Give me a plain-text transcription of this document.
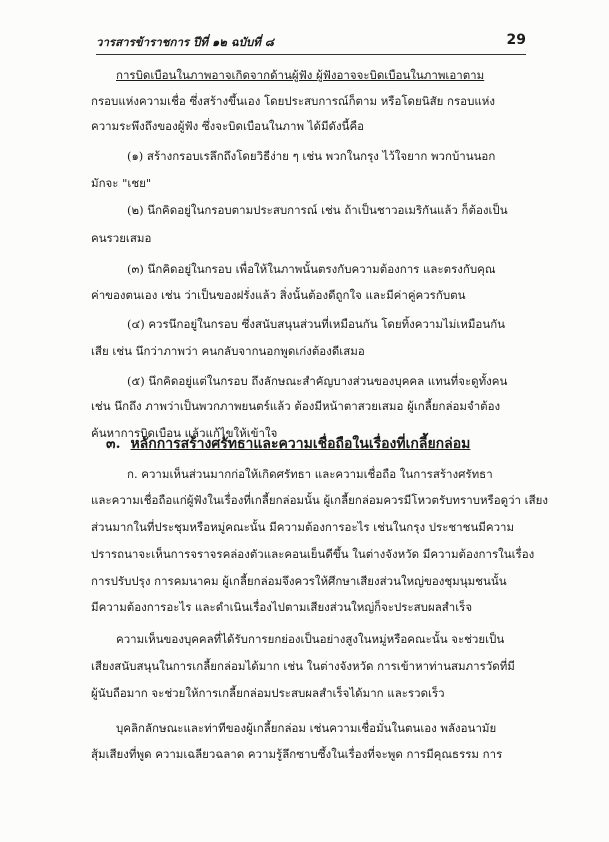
วารสารข้าราชการ ปีที่ ๑๒ ฉบับที่ ๘	29
การบิดเบือนในภาพอาจเกิดจากด้านผู้ฟัง ผู้ฟังอาจจะบิดเบือนในภาพเอาตาม
กรอบแห่งความเชื่อ ซึ่งสร้างขึ้นเอง โดยประสบการณ์ก็ตาม หรือโดยนิสัย กรอบแห่ง
ความระพึงถึงของผู้ฟัง ซึ่งจะบิดเบือนในภาพ ได้มีดังนี้คือ
(๑) สร้างกรอบเรลึกถึงโดยวิธีง่าย ๆ เช่น พวกในกรุง ไว้ใจยาก พวกบ้านนอก
มักจะ "เชย"
(๒) นึกคิดอยู่ในกรอบตามประสบการณ์ เช่น ถ้าเป็นชาวอเมริกันแล้ว ก็ต้องเป็น
คนรวยเสมอ
(๓) นึกคิดอยู่ในกรอบ เพื่อให้ในภาพนั้นตรงกับความต้องการ และตรงกับคุณ
ค่าของตนเอง เช่น ว่าเป็นของฝรั่งแล้ว สิ่งนั้นต้องดีถูกใจ และมีค่าคู่ควรกับตน
(๔) ควรนึกอยู่ในกรอบ ซึ่งสนับสนุนส่วนที่เหมือนกัน โดยทิ้งความไม่เหมือนกัน
เสีย เช่น นึกว่าภาพว่า คนกลับจากนอกพูดเก่งต้องดีเสมอ
(๕) นึกคิดอยู่แต่ในกรอบ ถึงลักษณะสำคัญบางส่วนของบุคคล แทนที่จะดูทั้งคน
เช่น นึกถึง ภาพว่าเป็นพวกภาพยนตร์แล้ว ต้องมีหน้าตาสวยเสมอ ผู้เกลี้ยกล่อมจำต้อง
ค้นหาการบิดเบือน แล้วแก้ไขให้เข้าใจ
๓. หลักการสร้างศรัทธาและความเชื่อถือในเรื่องที่เกลี้ยกล่อม
ก. ความเห็นส่วนมากก่อให้เกิดศรัทธา และความเชื่อถือ ในการสร้างศรัทธา
และความเชื่อถือแก่ผู้ฟังในเรื่องที่เกลี้ยกล่อมนั้น ผู้เกลี้ยกล่อมควรมีโหวตรับทราบหรือดูว่า เสียง
ส่วนมากในที่ประชุมหรือหมู่คณะนั้น มีความต้องการอะไร เช่นในกรุง ประชาชนมีความ
ปรารถนาจะเห็นการจราจรคล่องตัวและคอนเย็นดีขึ้น ในต่างจังหวัด มีความต้องการในเรื่อง
การปรับปรุง การคมนาคม ผู้เกลี้ยกล่อมจึงควรให้ศึกษาเสียงส่วนใหญ่ของชุมนุมชนนั้น
มีความต้องการอะไร และดำเนินเรื่องไปตามเสียงส่วนใหญ่ก็จะประสบผลสำเร็จ
ความเห็นของบุคคลที่ได้รับการยกย่องเป็นอย่างสูงในหมู่หรือคณะนั้น จะช่วยเป็น
เสียงสนับสนุนในการเกลี้ยกล่อมได้มาก เช่น ในต่างจังหวัด การเข้าหาท่านสมภารวัดที่มี
ผู้นับถือมาก จะช่วยให้การเกลี้ยกล่อมประสบผลสำเร็จได้มาก และรวดเร็ว
บุคลิกลักษณะและท่าทีของผู้เกลี้ยกล่อม เช่นความเชื่อมั่นในตนเอง พลังอนามัย
สุ้มเสียงที่พูด ความเฉลียวฉลาด ความรู้ลึกซาบซึ้งในเรื่องที่จะพูด การมีคุณธรรม การ
